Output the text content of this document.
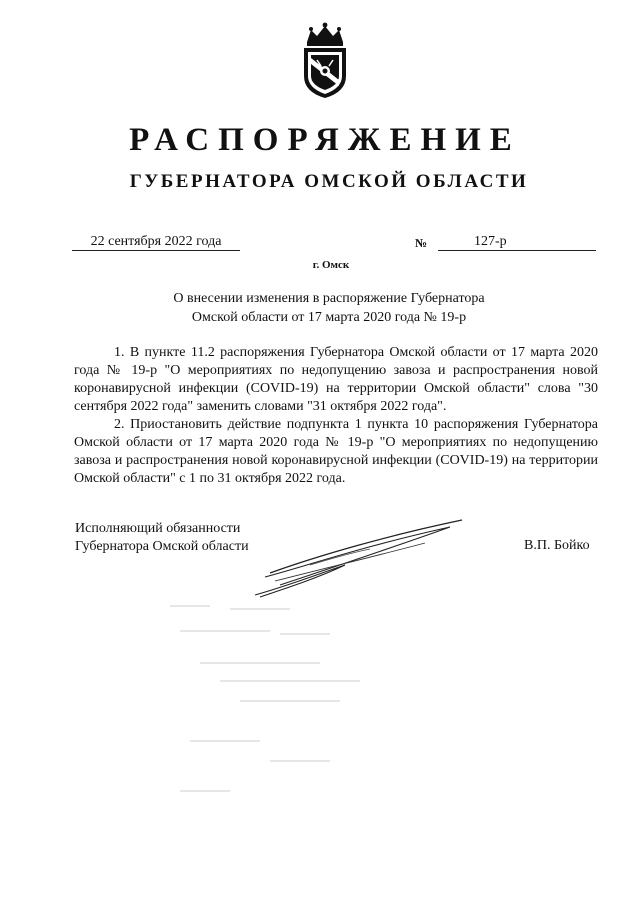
РАСПОРЯЖЕНИЕ
ГУБЕРНАТОРА ОМСКОЙ ОБЛАСТИ
22 сентября 2022 года	№	127-р
г. Омск
О внесении изменения в распоряжение Губернатора
Омской области от 17 марта 2020 года № 19-р

1. В пункте 11.2 распоряжения Губернатора Омской области от 17 марта 2020 года № 19-р "О мероприятиях по недопущению завоза и распространения новой коронавирусной инфекции (COVID-19) на территории Омской области" слова "30 сентября 2022 года" заменить словами "31 октября 2022 года".

2. Приостановить действие подпункта 1 пункта 10 распоряжения Губернатора Омской области от 17 марта 2020 года № 19-р "О мероприятиях по недопущению завоза и распространения новой коронавирусной инфекции (COVID-19) на территории Омской области" с 1 по 31 октября 2022 года.

Исполняющий обязанности
Губернатора Омской области	В.П. Бойко
